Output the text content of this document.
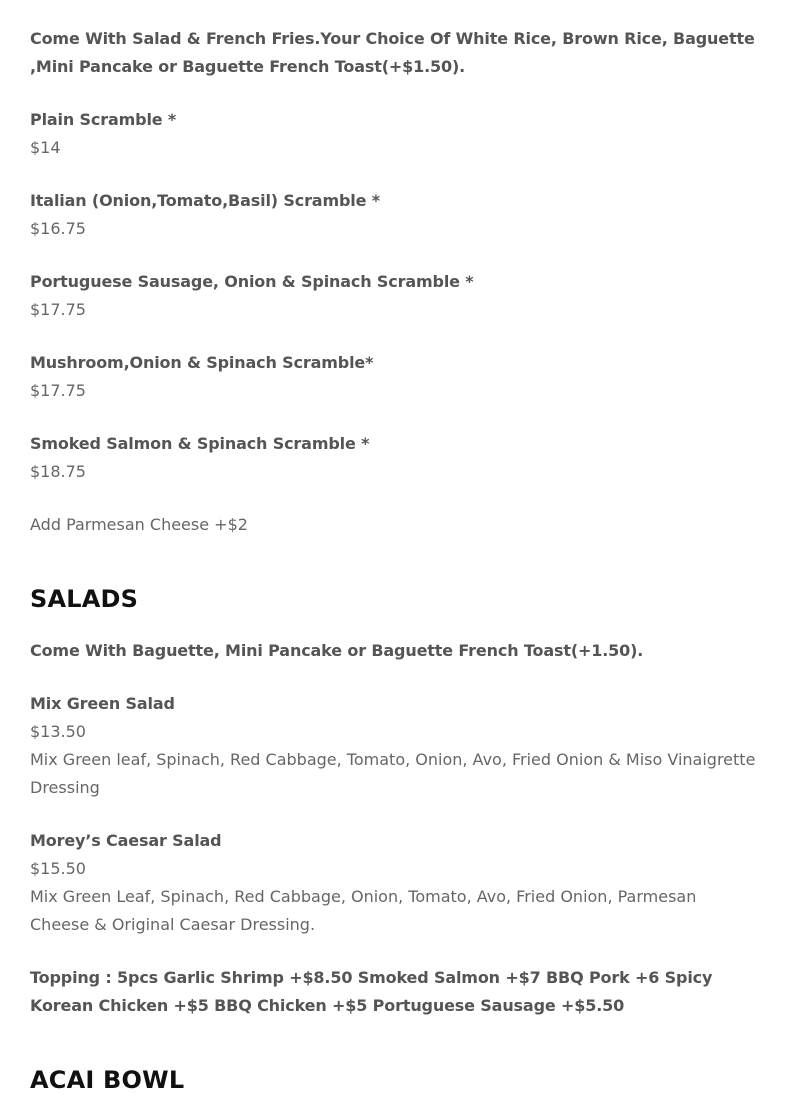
Come With Salad & French Fries.Your Choice Of White Rice, Brown Rice, Baguette ,Mini Pancake or Baguette French Toast(+$1.50).

Plain Scramble *

$14

Italian (Onion,Tomato,Basil) Scramble *

$16.75

Portuguese Sausage, Onion & Spinach Scramble *

$17.75

Mushroom,Onion & Spinach Scramble*

$17.75

Smoked Salmon & Spinach Scramble *

$18.75

Add Parmesan Cheese +$2

SALADS

Come With Baguette, Mini Pancake or Baguette French Toast(+1.50).

Mix Green Salad

$13.50

Mix Green leaf, Spinach, Red Cabbage, Tomato, Onion, Avo, Fried Onion & Miso Vinaigrette Dressing

Morey’s Caesar Salad

$15.50

Mix Green Leaf, Spinach, Red Cabbage, Onion, Tomato, Avo, Fried Onion, Parmesan Cheese & Original Caesar Dressing.

Topping : 5pcs Garlic Shrimp +$8.50 Smoked Salmon +$7 BBQ Pork +6 Spicy Korean Chicken +$5 BBQ Chicken +$5 Portuguese Sausage +$5.50

ACAI BOWL
